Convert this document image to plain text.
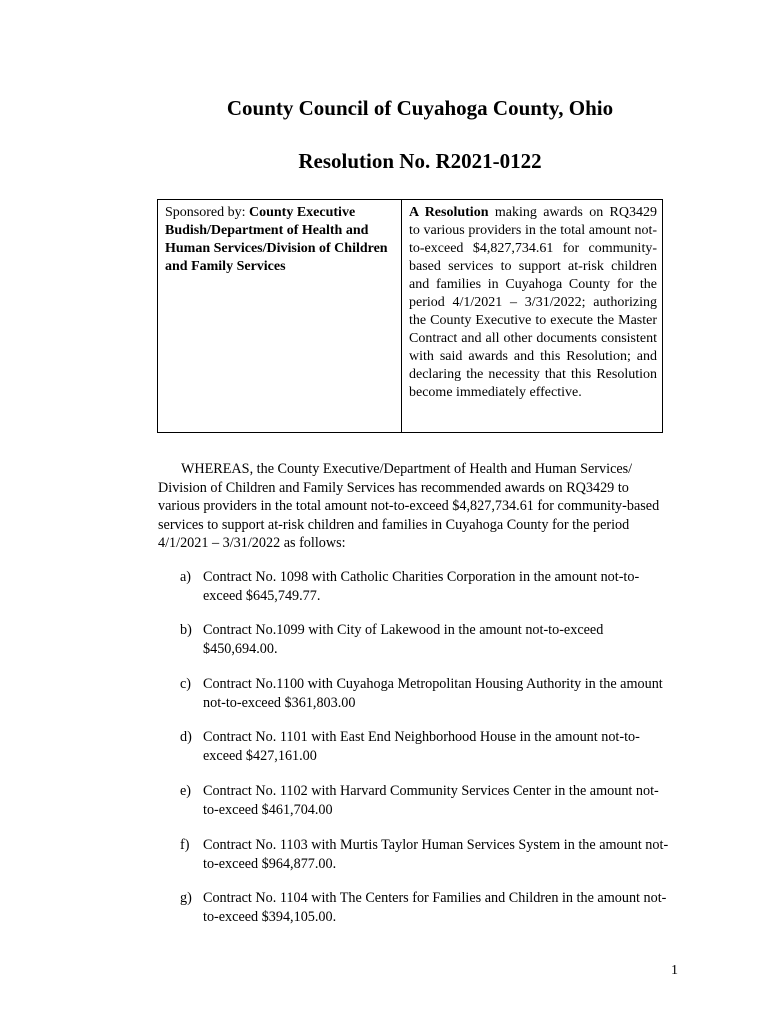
County Council of Cuyahoga County, Ohio
Resolution No. R2021-0122
Sponsored by: County Executive Budish/Department of Health and Human Services/Division of Children and Family Services
A Resolution making awards on RQ3429 to various providers in the total amount not-to-exceed $4,827,734.61 for community-based services to support at-risk children and families in Cuyahoga County for the period 4/1/2021 – 3/31/2022; authorizing the County Executive to execute the Master Contract and all other documents consistent with said awards and this Resolution; and declaring the necessity that this Resolution become immediately effective.
WHEREAS, the County Executive/Department of Health and Human Services/ Division of Children and Family Services has recommended awards on RQ3429 to various providers in the total amount not-to-exceed $4,827,734.61 for community-based services to support at-risk children and families in Cuyahoga County for the period 4/1/2021 – 3/31/2022 as follows:
a) Contract No. 1098 with Catholic Charities Corporation in the amount not-to-exceed $645,749.77.
b) Contract No.1099 with City of Lakewood in the amount not-to-exceed $450,694.00.
c) Contract No.1100 with Cuyahoga Metropolitan Housing Authority in the amount not-to-exceed $361,803.00
d) Contract No. 1101 with East End Neighborhood House in the amount not-to-exceed $427,161.00
e) Contract No. 1102 with Harvard Community Services Center in the amount not-to-exceed $461,704.00
f) Contract No. 1103 with Murtis Taylor Human Services System in the amount not-to-exceed $964,877.00.
g) Contract No. 1104 with The Centers for Families and Children in the amount not-to-exceed $394,105.00.
1
